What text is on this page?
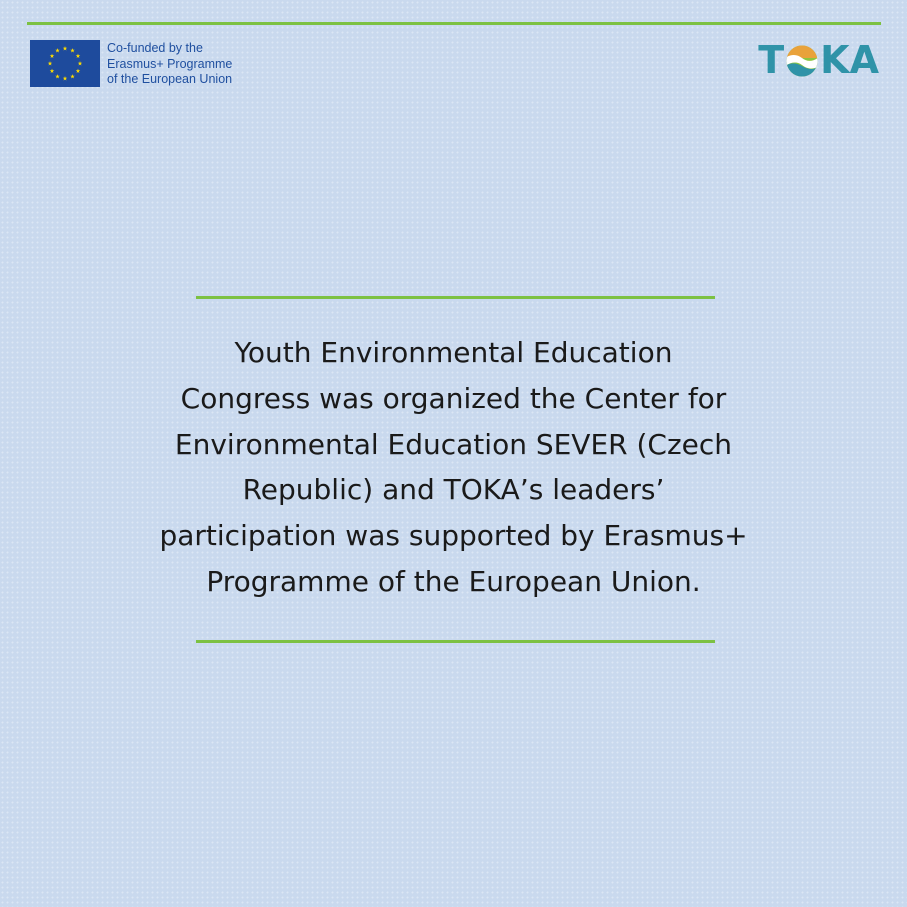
Co-funded by the
Erasmus+ Programme
of the European Union	T K A

Youth Environmental Education
Congress was organized the Center for
Environmental Education SEVER (Czech
Republic) and TOKA’s leaders’
participation was supported by Erasmus+
Programme of the European Union.
